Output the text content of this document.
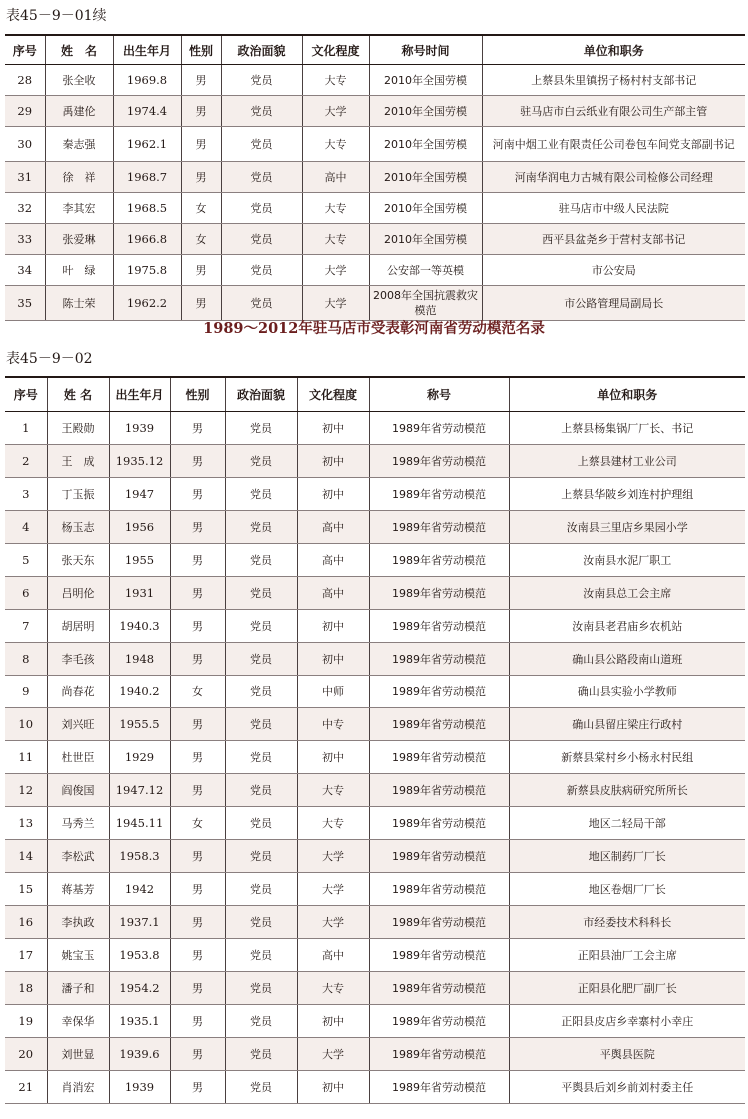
表45－9－01续
序号	姓　名	出生年月	性别	政治面貌	文化程度	称号时间	单位和职务
28	张全收	1969.8	男	党员	大专	2010年全国劳模	上蔡县朱里镇拐子杨村村支部书记
29	禹建伦	1974.4	男	党员	大学	2010年全国劳模	驻马店市白云纸业有限公司生产部主管
30	秦志强	1962.1	男	党员	大专	2010年全国劳模	河南中烟工业有限责任公司卷包车间党支部副书记
31	徐　祥	1968.7	男	党员	高中	2010年全国劳模	河南华润电力古城有限公司检修公司经理
32	李其宏	1968.5	女	党员	大专	2010年全国劳模	驻马店市中级人民法院
33	张爱琳	1966.8	女	党员	大专	2010年全国劳模	西平县盆尧乡于营村支部书记
34	叶　绿	1975.8	男	党员	大学	公安部一等英模	市公安局
35	陈士荣	1962.2	男	党员	大学	2008年全国抗震救灾模范	市公路管理局副局长
1989～2012年驻马店市受表彰河南省劳动模范名录
表45－9－02
序号	姓 名	出生年月	性别	政治面貌	文化程度	称号	单位和职务
1	王殿勋	1939	男	党员	初中	1989年省劳动模范	上蔡县杨集锅厂厂长、书记
2	王　成	1935.12	男	党员	初中	1989年省劳动模范	上蔡县建材工业公司
3	丁玉振	1947	男	党员	初中	1989年省劳动模范	上蔡县华陂乡刘连村护理组
4	杨玉志	1956	男	党员	高中	1989年省劳动模范	汝南县三里店乡果园小学
5	张天东	1955	男	党员	高中	1989年省劳动模范	汝南县水泥厂职工
6	吕明伦	1931	男	党员	高中	1989年省劳动模范	汝南县总工会主席
7	胡居明	1940.3	男	党员	初中	1989年省劳动模范	汝南县老君庙乡农机站
8	李毛孩	1948	男	党员	初中	1989年省劳动模范	确山县公路段南山道班
9	尚春花	1940.2	女	党员	中师	1989年省劳动模范	确山县实验小学教师
10	刘兴旺	1955.5	男	党员	中专	1989年省劳动模范	确山县留庄梁庄行政村
11	杜世臣	1929	男	党员	初中	1989年省劳动模范	新蔡县棠村乡小杨永村民组
12	阎俊国	1947.12	男	党员	大专	1989年省劳动模范	新蔡县皮肤病研究所所长
13	马秀兰	1945.11	女	党员	大专	1989年省劳动模范	地区二轻局干部
14	李松武	1958.3	男	党员	大学	1989年省劳动模范	地区制药厂厂长
15	蒋基芳	1942	男	党员	大学	1989年省劳动模范	地区卷烟厂厂长
16	李执政	1937.1	男	党员	大学	1989年省劳动模范	市经委技术科科长
17	姚宝玉	1953.8	男	党员	高中	1989年省劳动模范	正阳县油厂工会主席
18	潘子和	1954.2	男	党员	大专	1989年省劳动模范	正阳县化肥厂副厂长
19	幸保华	1935.1	男	党员	初中	1989年省劳动模范	正阳县皮店乡幸寨村小幸庄
20	刘世显	1939.6	男	党员	大学	1989年省劳动模范	平舆县医院
21	肖消宏	1939	男	党员	初中	1989年省劳动模范	平舆县后刘乡前刘村委主任
